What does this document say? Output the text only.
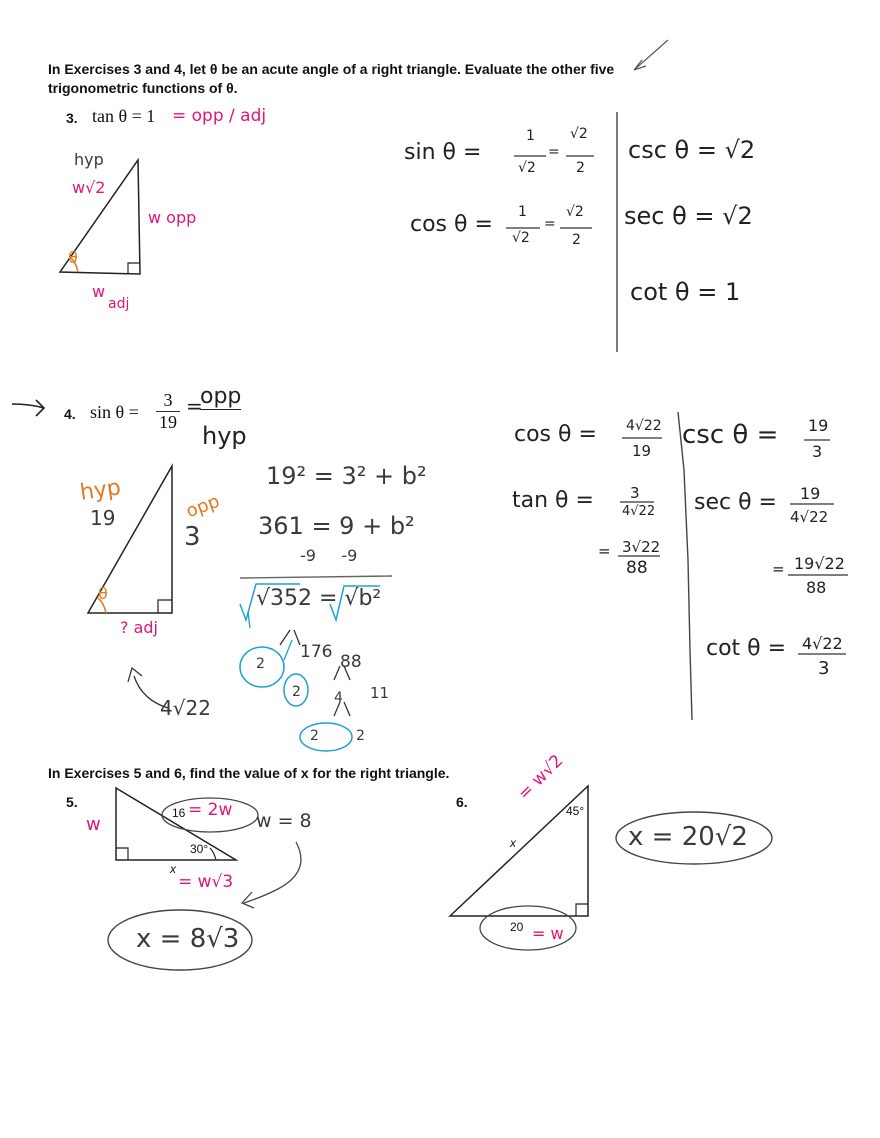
In Exercises 3 and 4, let θ be an acute angle of a right triangle. Evaluate the other five
trigonometric functions of θ.
3. tan θ = 1 = opp / adj
hyp
w√2
w opp
θ
w
adj
sin θ =
1
√2
=
√2
2
cos θ = 1
√2
=
√2
2
csc θ = √2
sec θ = √2
cot θ = 1
4. $\sin \theta = \frac{3}{19}$ =
opp
hyp
hyp
19	opp
3
θ
? adj
4√22
19² = 3² + b²
361 = 9 + b²
-9     -9
√352 = √b²
176 88
2
2 4 11
2	2
cos θ = 4√22
19
csc θ = 19
3
tan θ = 3
4√22
= 3√22
88
sec θ = 19
4√22
= 19√22
88
cot θ = 4√22
3
In Exercises 5 and 6, find the value of x for the right triangle.
5.
w
16 = 2w
30°
x
= w√3
w = 8
x = 8√3
6.
45°
x
= w√2
20 = w
x = 20√2
